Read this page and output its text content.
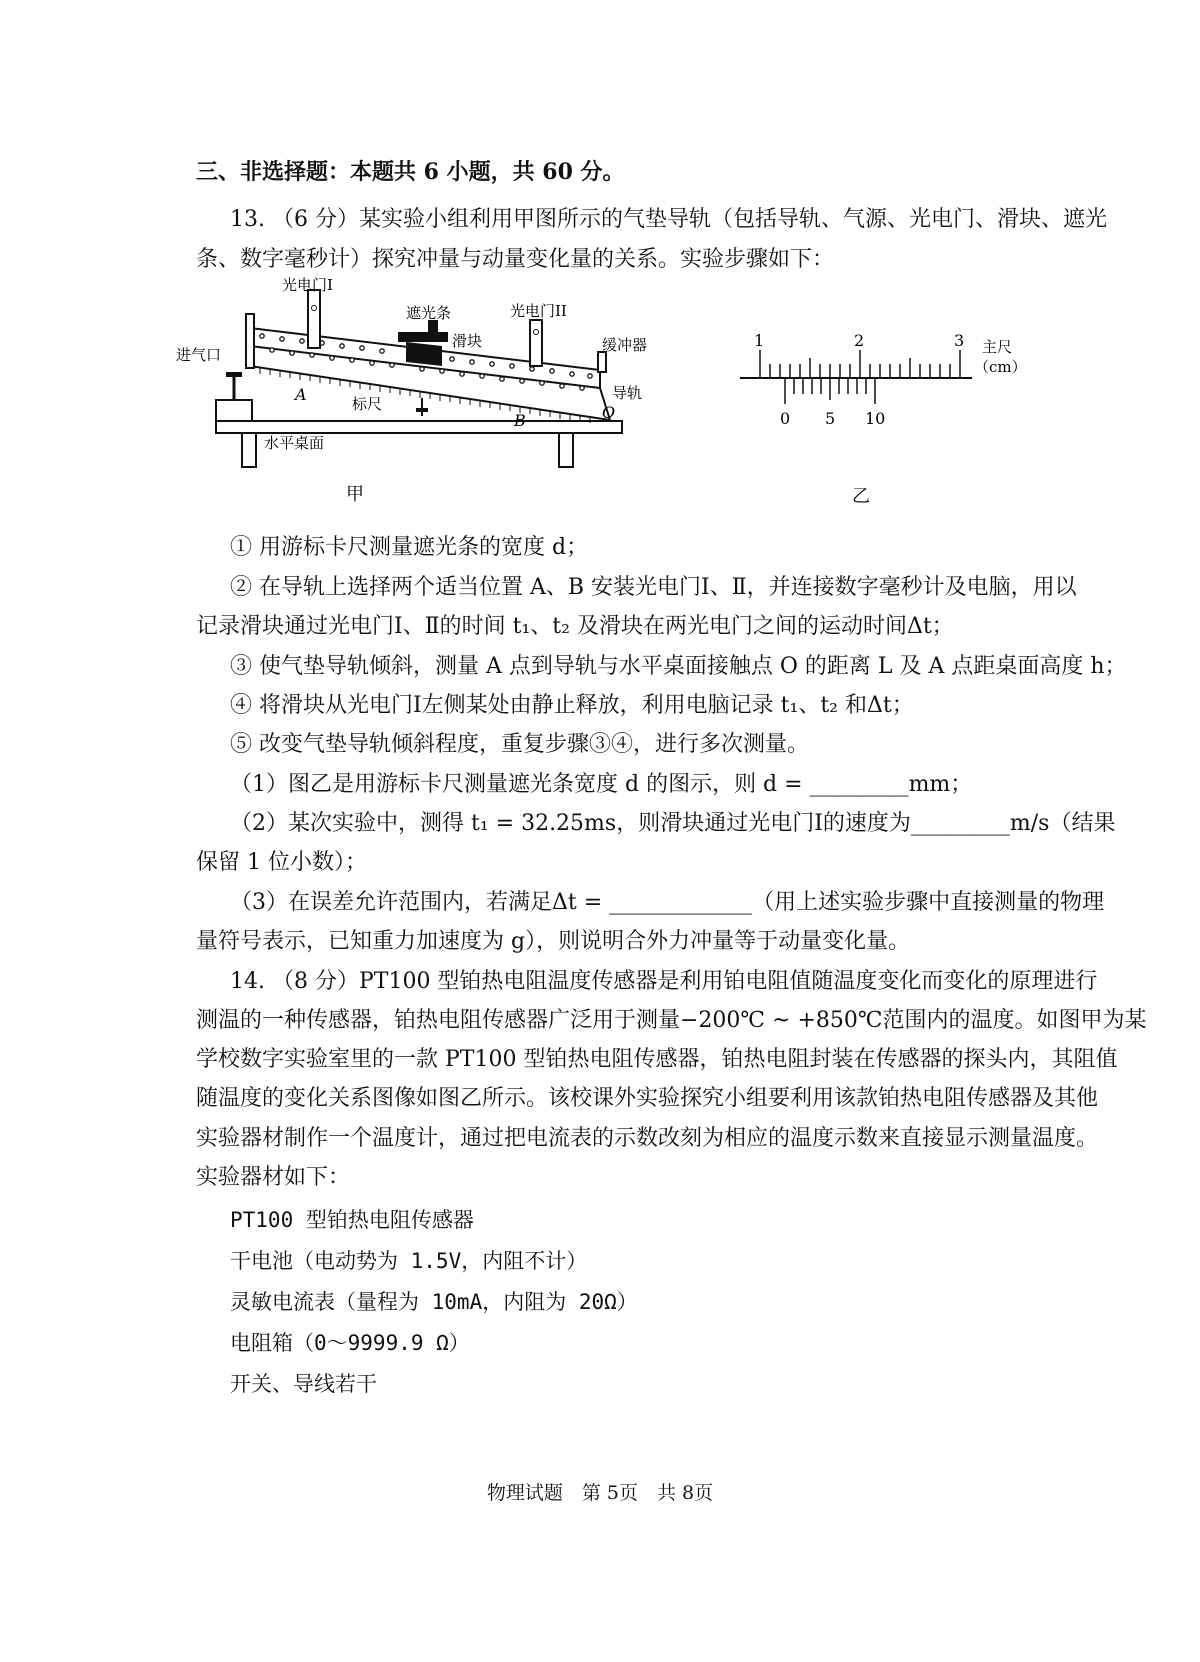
三、非选择题：本题共 6 小题，共 60 分。
13. （6 分）某实验小组利用甲图所示的气垫导轨（包括导轨、气源、光电门、滑块、遮光
条、数字毫秒计）探究冲量与动量变化量的关系。实验步骤如下：
光电门I
光电门II
遮光条
滑块
进气口
缓冲器
导轨
A
B	O
标尺
水平桌面
甲
1	2	3 主尺
（cm）
0 5 10
乙
① 用游标卡尺测量遮光条的宽度 d；
② 在导轨上选择两个适当位置 A、B 安装光电门Ⅰ、Ⅱ，并连接数字毫秒计及电脑，用以
记录滑块通过光电门Ⅰ、Ⅱ的时间 t₁、t₂ 及滑块在两光电门之间的运动时间Δt；
③ 使气垫导轨倾斜，测量 A 点到导轨与水平桌面接触点 O 的距离 L 及 A 点距桌面高度 h；
④ 将滑块从光电门Ⅰ左侧某处由静止释放，利用电脑记录 t₁、t₂ 和Δt；
⑤ 改变气垫导轨倾斜程度，重复步骤③④，进行多次测量。
（1）图乙是用游标卡尺测量遮光条宽度 d 的图示，则 d = _________mm；
（2）某次实验中，测得 t₁ = 32.25ms，则滑块通过光电门Ⅰ的速度为_________m/s（结果
保留 1 位小数）；
（3）在误差允许范围内，若满足Δt = _____________（用上述实验步骤中直接测量的物理
量符号表示，已知重力加速度为 g），则说明合外力冲量等于动量变化量。
14. （8 分）PT100 型铂热电阻温度传感器是利用铂电阻值随温度变化而变化的原理进行
测温的一种传感器，铂热电阻传感器广泛用于测量−200℃ ~ +850℃范围内的温度。如图甲为某
学校数字实验室里的一款 PT100 型铂热电阻传感器，铂热电阻封装在传感器的探头内，其阻值
随温度的变化关系图像如图乙所示。该校课外实验探究小组要利用该款铂热电阻传感器及其他
实验器材制作一个温度计，通过把电流表的示数改刻为相应的温度示数来直接显示测量温度。
实验器材如下：
PT100 型铂热电阻传感器
干电池（电动势为 1.5V，内阻不计）
灵敏电流表（量程为 10mA，内阻为 20Ω）
电阻箱（0～9999.9 Ω）
开关、导线若干
物理试题　第 5页　共 8页
